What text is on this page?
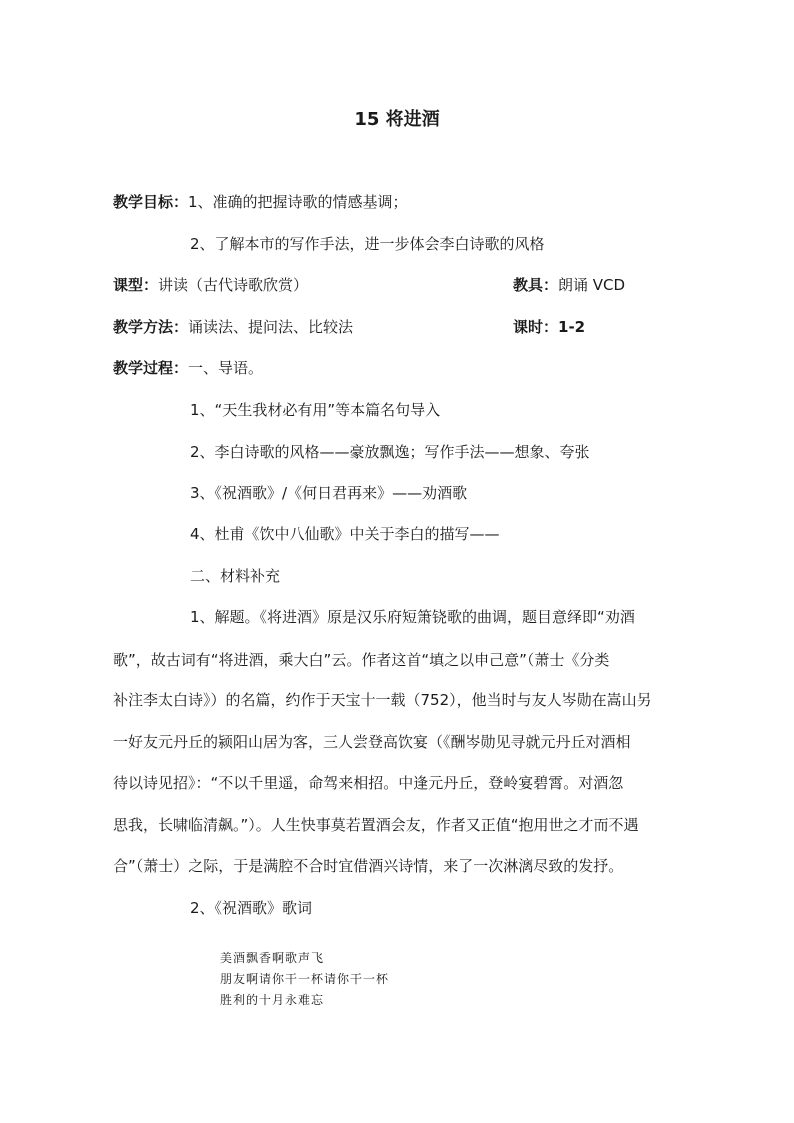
15 将进酒
教学目标：1、准确的把握诗歌的情感基调；
2、了解本市的写作手法，进一步体会李白诗歌的风格
课型：讲读（古代诗歌欣赏）	教具：朗诵 VCD
教学方法：诵读法、提问法、比较法	课时：1-2
教学过程：一、导语。
1、“天生我材必有用”等本篇名句导入
2、李白诗歌的风格——豪放飘逸；写作手法——想象、夸张
3、《祝酒歌》/《何日君再来》——劝酒歌
4、杜甫《饮中八仙歌》中关于李白的描写——
二、材料补充
1、解题。《将进酒》原是汉乐府短箫铙歌的曲调，题目意绎即“劝酒
歌”，故古词有“将进酒，乘大白”云。作者这首“填之以申己意”（萧士《分类
补注李太白诗》）的名篇，约作于天宝十一载（752），他当时与友人岑勋在嵩山另
一好友元丹丘的颍阳山居为客，三人尝登高饮宴（《酬岑勋见寻就元丹丘对酒相
待以诗见招》：“不以千里遥，命驾来相招。中逢元丹丘，登岭宴碧霄。对酒忽
思我，长啸临清飙。”）。人生快事莫若置酒会友，作者又正值“抱用世之才而不遇
合”（萧士）之际，于是满腔不合时宜借酒兴诗情，来了一次淋漓尽致的发抒。
2、《祝酒歌》歌词
美酒飘香啊歌声飞
朋友啊请你干一杯请你干一杯
胜利的十月永难忘
